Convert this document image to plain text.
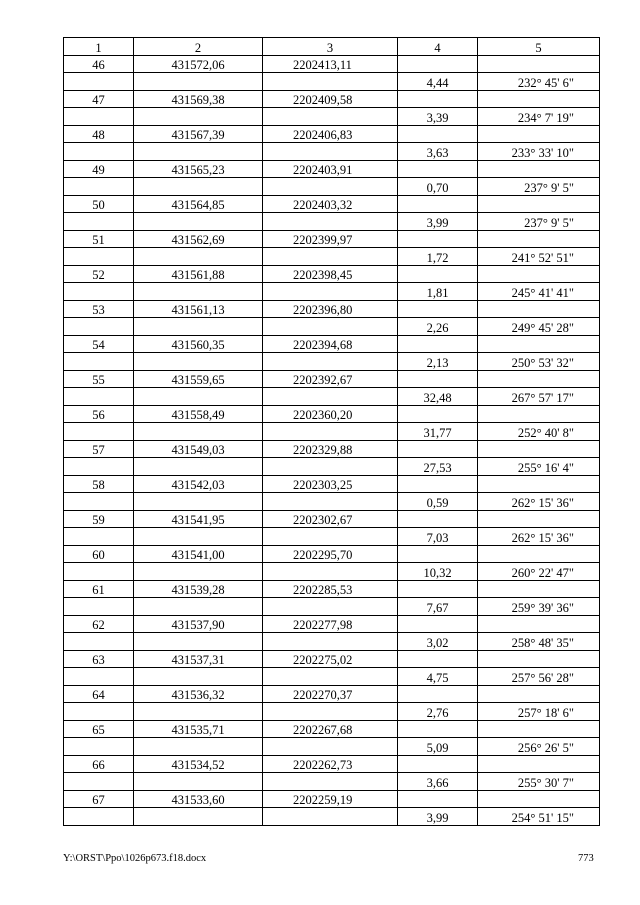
1	2	3	4	5
46	431572,06	2202413,11		
			4,44	232° 45' 6"
47	431569,38	2202409,58		
			3,39	234° 7' 19"
48	431567,39	2202406,83		
			3,63	233° 33' 10"
49	431565,23	2202403,91		
			0,70	237° 9' 5"
50	431564,85	2202403,32		
			3,99	237° 9' 5"
51	431562,69	2202399,97		
			1,72	241° 52' 51"
52	431561,88	2202398,45		
			1,81	245° 41' 41"
53	431561,13	2202396,80		
			2,26	249° 45' 28"
54	431560,35	2202394,68		
			2,13	250° 53' 32"
55	431559,65	2202392,67		
			32,48	267° 57' 17"
56	431558,49	2202360,20		
			31,77	252° 40' 8"
57	431549,03	2202329,88		
			27,53	255° 16' 4"
58	431542,03	2202303,25		
			0,59	262° 15' 36"
59	431541,95	2202302,67		
			7,03	262° 15' 36"
60	431541,00	2202295,70		
			10,32	260° 22' 47"
61	431539,28	2202285,53		
			7,67	259° 39' 36"
62	431537,90	2202277,98		
			3,02	258° 48' 35"
63	431537,31	2202275,02		
			4,75	257° 56' 28"
64	431536,32	2202270,37		
			2,76	257° 18' 6"
65	431535,71	2202267,68		
			5,09	256° 26' 5"
66	431534,52	2202262,73		
			3,66	255° 30' 7"
67	431533,60	2202259,19		
			3,99	254° 51' 15"
Y:\ORST\Ppo\1026p673.f18.docx	773
